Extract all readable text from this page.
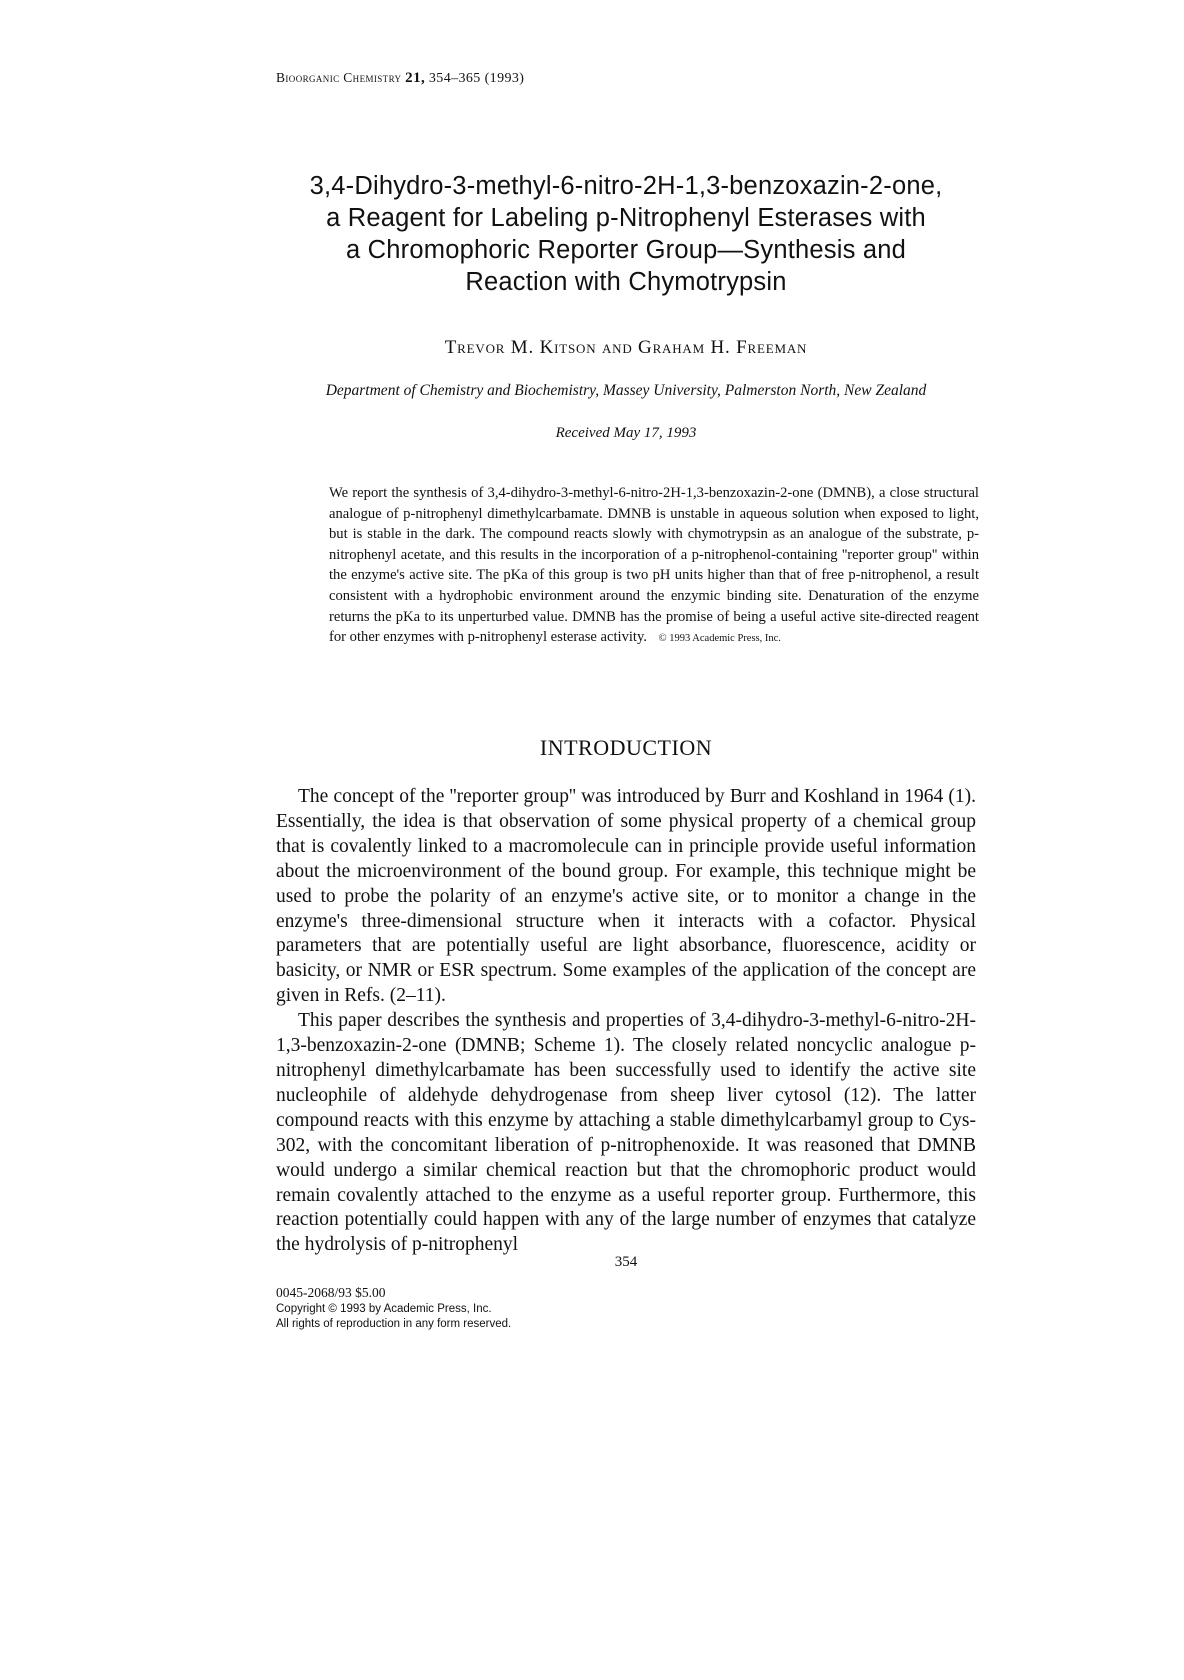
Bioorganic Chemistry 21, 354–365 (1993)
3,4-Dihydro-3-methyl-6-nitro-2H-1,3-benzoxazin-2-one,
a Reagent for Labeling p-Nitrophenyl Esterases with
a Chromophoric Reporter Group—Synthesis and
Reaction with Chymotrypsin
Trevor M. Kitson and Graham H. Freeman
Department of Chemistry and Biochemistry, Massey University, Palmerston North, New Zealand
Received May 17, 1993
We report the synthesis of 3,4-dihydro-3-methyl-6-nitro-2H-1,3-benzoxazin-2-one (DMNB), a close structural analogue of p-nitrophenyl dimethylcarbamate. DMNB is unstable in aqueous solution when exposed to light, but is stable in the dark. The compound reacts slowly with chymotrypsin as an analogue of the substrate, p-nitrophenyl acetate, and this results in the incorporation of a p-nitrophenol-containing ''reporter group'' within the enzyme's active site. The pKa of this group is two pH units higher than that of free p-nitrophenol, a result consistent with a hydrophobic environment around the enzymic binding site. Denaturation of the enzyme returns the pKa to its unperturbed value. DMNB has the promise of being a useful active site-directed reagent for other enzymes with p-nitrophenyl esterase activity. © 1993 Academic Press, Inc.
INTRODUCTION

The concept of the ''reporter group'' was introduced by Burr and Koshland in 1964 (1). Essentially, the idea is that observation of some physical property of a chemical group that is covalently linked to a macromolecule can in principle provide useful information about the microenvironment of the bound group. For example, this technique might be used to probe the polarity of an enzyme's active site, or to monitor a change in the enzyme's three-dimensional structure when it interacts with a cofactor. Physical parameters that are potentially useful are light absorbance, fluorescence, acidity or basicity, or NMR or ESR spectrum. Some examples of the application of the concept are given in Refs. (2–11).

This paper describes the synthesis and properties of 3,4-dihydro-3-methyl-6-nitro-2H-1,3-benzoxazin-2-one (DMNB; Scheme 1). The closely related noncyclic analogue p-nitrophenyl dimethylcarbamate has been successfully used to identify the active site nucleophile of aldehyde dehydrogenase from sheep liver cytosol (12). The latter compound reacts with this enzyme by attaching a stable dimethylcarbamyl group to Cys-302, with the concomitant liberation of p-nitrophenoxide. It was reasoned that DMNB would undergo a similar chemical reaction but that the chromophoric product would remain covalently attached to the enzyme as a useful reporter group. Furthermore, this reaction potentially could happen with any of the large number of enzymes that catalyze the hydrolysis of p-nitrophenyl

354
0045-2068/93 $5.00
Copyright © 1993 by Academic Press, Inc.
All rights of reproduction in any form reserved.
